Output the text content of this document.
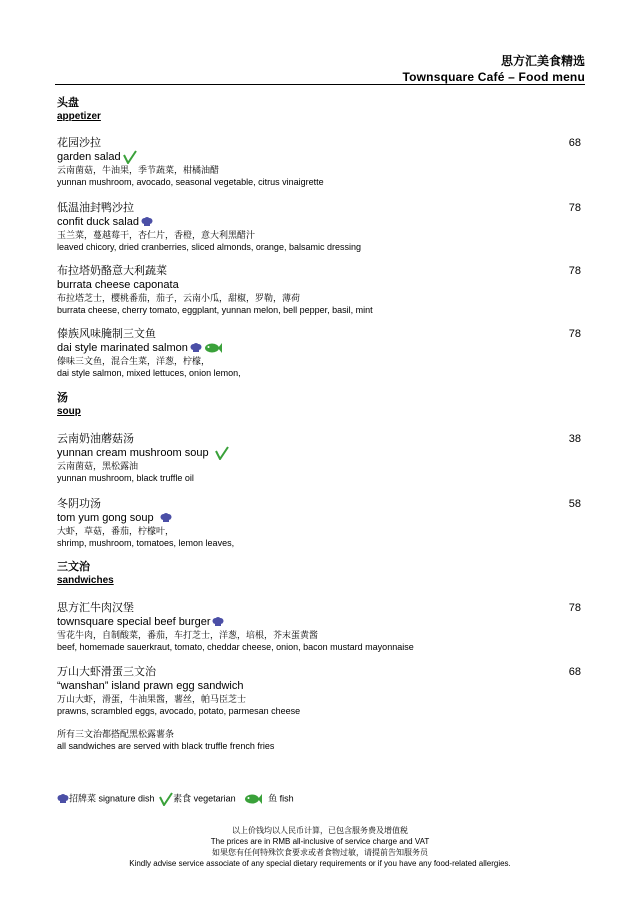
思方汇美食精选
Townsquare Café – Food menu
头盘
appetizer
花园沙拉
garden salad
云南菌菇，牛油果，季节蔬菜，柑橘油醋
yunnan mushroom, avocado, seasonal vegetable, citrus vinaigrette
68
低温油封鸭沙拉
confit duck salad
玉兰菜，蔓越莓干，杏仁片，香橙，意大利黑醋汁
leaved chicory, dried cranberries, sliced almonds, orange, balsamic dressing
78
布拉塔奶酪意大利蔬菜
burrata cheese caponata
布拉塔芝士，樱桃番茄，茄子，云南小瓜，甜椒，罗勒，薄荷
burrata cheese, cherry tomato, eggplant, yunnan melon, bell pepper, basil, mint
78
傣族风味腌制三文鱼
dai style marinated salmon
傣味三文鱼，混合生菜，洋葱，柠檬，
dai style salmon, mixed lettuces, onion lemon,
78
汤
soup
云南奶油蘑菇汤
yunnan cream mushroom soup
云南菌菇，黑松露油
yunnan mushroom, black truffle oil
38
冬阴功汤
tom yum gong soup
大虾，草菇，番茄，柠檬叶，
shrimp, mushroom, tomatoes, lemon leaves,
58
三文治
sandwiches
思方汇牛肉汉堡
townsquare special beef burger
雪花牛肉，自制酸菜，番茄，车打芝士，洋葱，培根，芥末蛋黄酱
beef, homemade sauerkraut, tomato, cheddar cheese, onion, bacon mustard mayonnaise
78
万山大虾滑蛋三文治
“wanshan” island prawn egg sandwich
万山大虾，滑蛋，牛油果酱，薯丝，帕马臣芝士
prawns, scrambled eggs, avocado, potato, parmesan cheese
68
所有三文治都搭配黑松露薯条
all sandwiches are served with black truffle french fries
招牌菜 signature dish 素食 vegetarian	鱼 fish
以上价钱均以人民币计算，已包含服务费及增值税
The prices are in RMB all-inclusive of service charge and VAT
如果您有任何特殊饮食要求或者食物过敏，请提前告知服务员
Kindly advise service associate of any special dietary requirements or if you have any food-related allergies.
